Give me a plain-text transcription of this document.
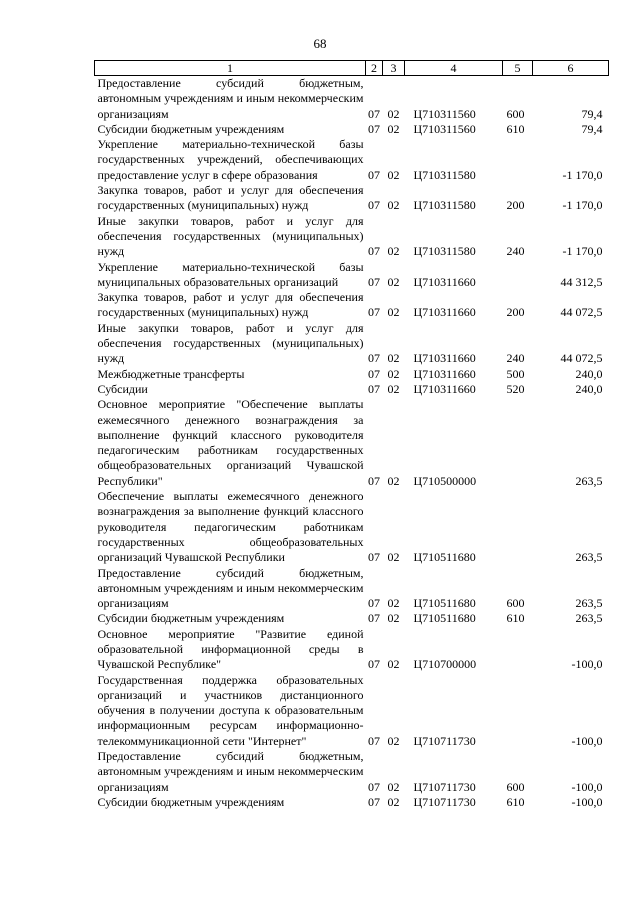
68
1	2	3	4	5	6
Предоставление субсидий бюджетным, автономным учреждениям и иным некоммерческим организациям	07	02	Ц710311560	600	79,4
Субсидии бюджетным учреждениям	07	02	Ц710311560	610	79,4
Укрепление материально-технической базы государственных учреждений, обеспечивающих предоставление услуг в сфере образования	07	02	Ц710311580		-1 170,0
Закупка товаров, работ и услуг для обеспечения государственных (муниципальных) нужд	07	02	Ц710311580	200	-1 170,0
Иные закупки товаров, работ и услуг для обеспечения государственных (муниципальных) нужд	07	02	Ц710311580	240	-1 170,0
Укрепление материально-технической базы муниципальных образовательных организаций	07	02	Ц710311660		44 312,5
Закупка товаров, работ и услуг для обеспечения государственных (муниципальных) нужд	07	02	Ц710311660	200	44 072,5
Иные закупки товаров, работ и услуг для обеспечения государственных (муниципальных) нужд	07	02	Ц710311660	240	44 072,5
Межбюджетные трансферты	07	02	Ц710311660	500	240,0
Субсидии	07	02	Ц710311660	520	240,0
Основное мероприятие "Обеспечение выплаты ежемесячного денежного вознаграждения за выполнение функций классного руководителя педагогическим работникам государственных общеобразовательных организаций Чувашской Республики"	07	02	Ц710500000		263,5
Обеспечение выплаты ежемесячного денежного вознаграждения за выполнение функций классного руководителя педагогическим работникам государственных общеобразовательных организаций Чувашской Республики	07	02	Ц710511680		263,5
Предоставление субсидий бюджетным, автономным учреждениям и иным некоммерческим организациям	07	02	Ц710511680	600	263,5
Субсидии бюджетным учреждениям	07	02	Ц710511680	610	263,5
Основное мероприятие "Развитие единой образовательной информационной среды в Чувашской Республике"	07	02	Ц710700000		-100,0
Государственная поддержка образовательных организаций и участников дистанционного обучения в получении доступа к образовательным информационным ресурсам информационно-телекоммуникационной сети "Интернет"	07	02	Ц710711730		-100,0
Предоставление субсидий бюджетным, автономным учреждениям и иным некоммерческим организациям	07	02	Ц710711730	600	-100,0
Субсидии бюджетным учреждениям	07	02	Ц710711730	610	-100,0
